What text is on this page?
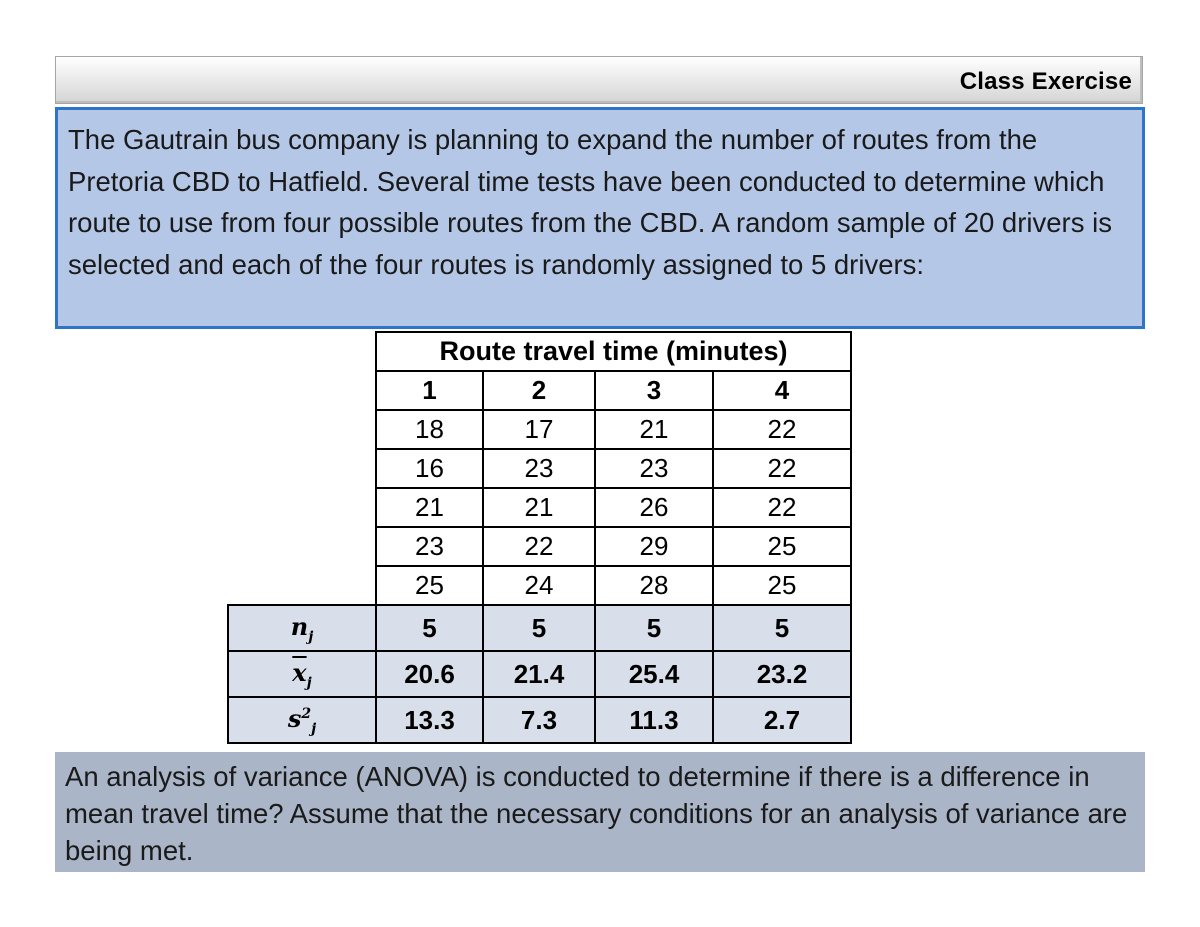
Class Exercise

The Gautrain bus company is planning to expand the number of routes from the Pretoria CBD to Hatfield. Several time tests have been conducted to determine which route to use from four possible routes from the CBD. A random sample of 20 drivers is selected and each of the four routes is randomly assigned to 5 drivers:

	Route travel time (minutes)			
	1	2	3	4
	18	17	21	22
	16	23	23	22
	21	21	26	22
	23	22	29	25
	25	24	28	25
$n_j$	5	5	5	5
$\overline{x}_j$	20.6	21.4	25.4	23.2
$s^2_j$	13.3	7.3	11.3	2.7

An analysis of variance (ANOVA) is conducted to determine if there is a difference in mean travel time? Assume that the necessary conditions for an analysis of variance are being met.
